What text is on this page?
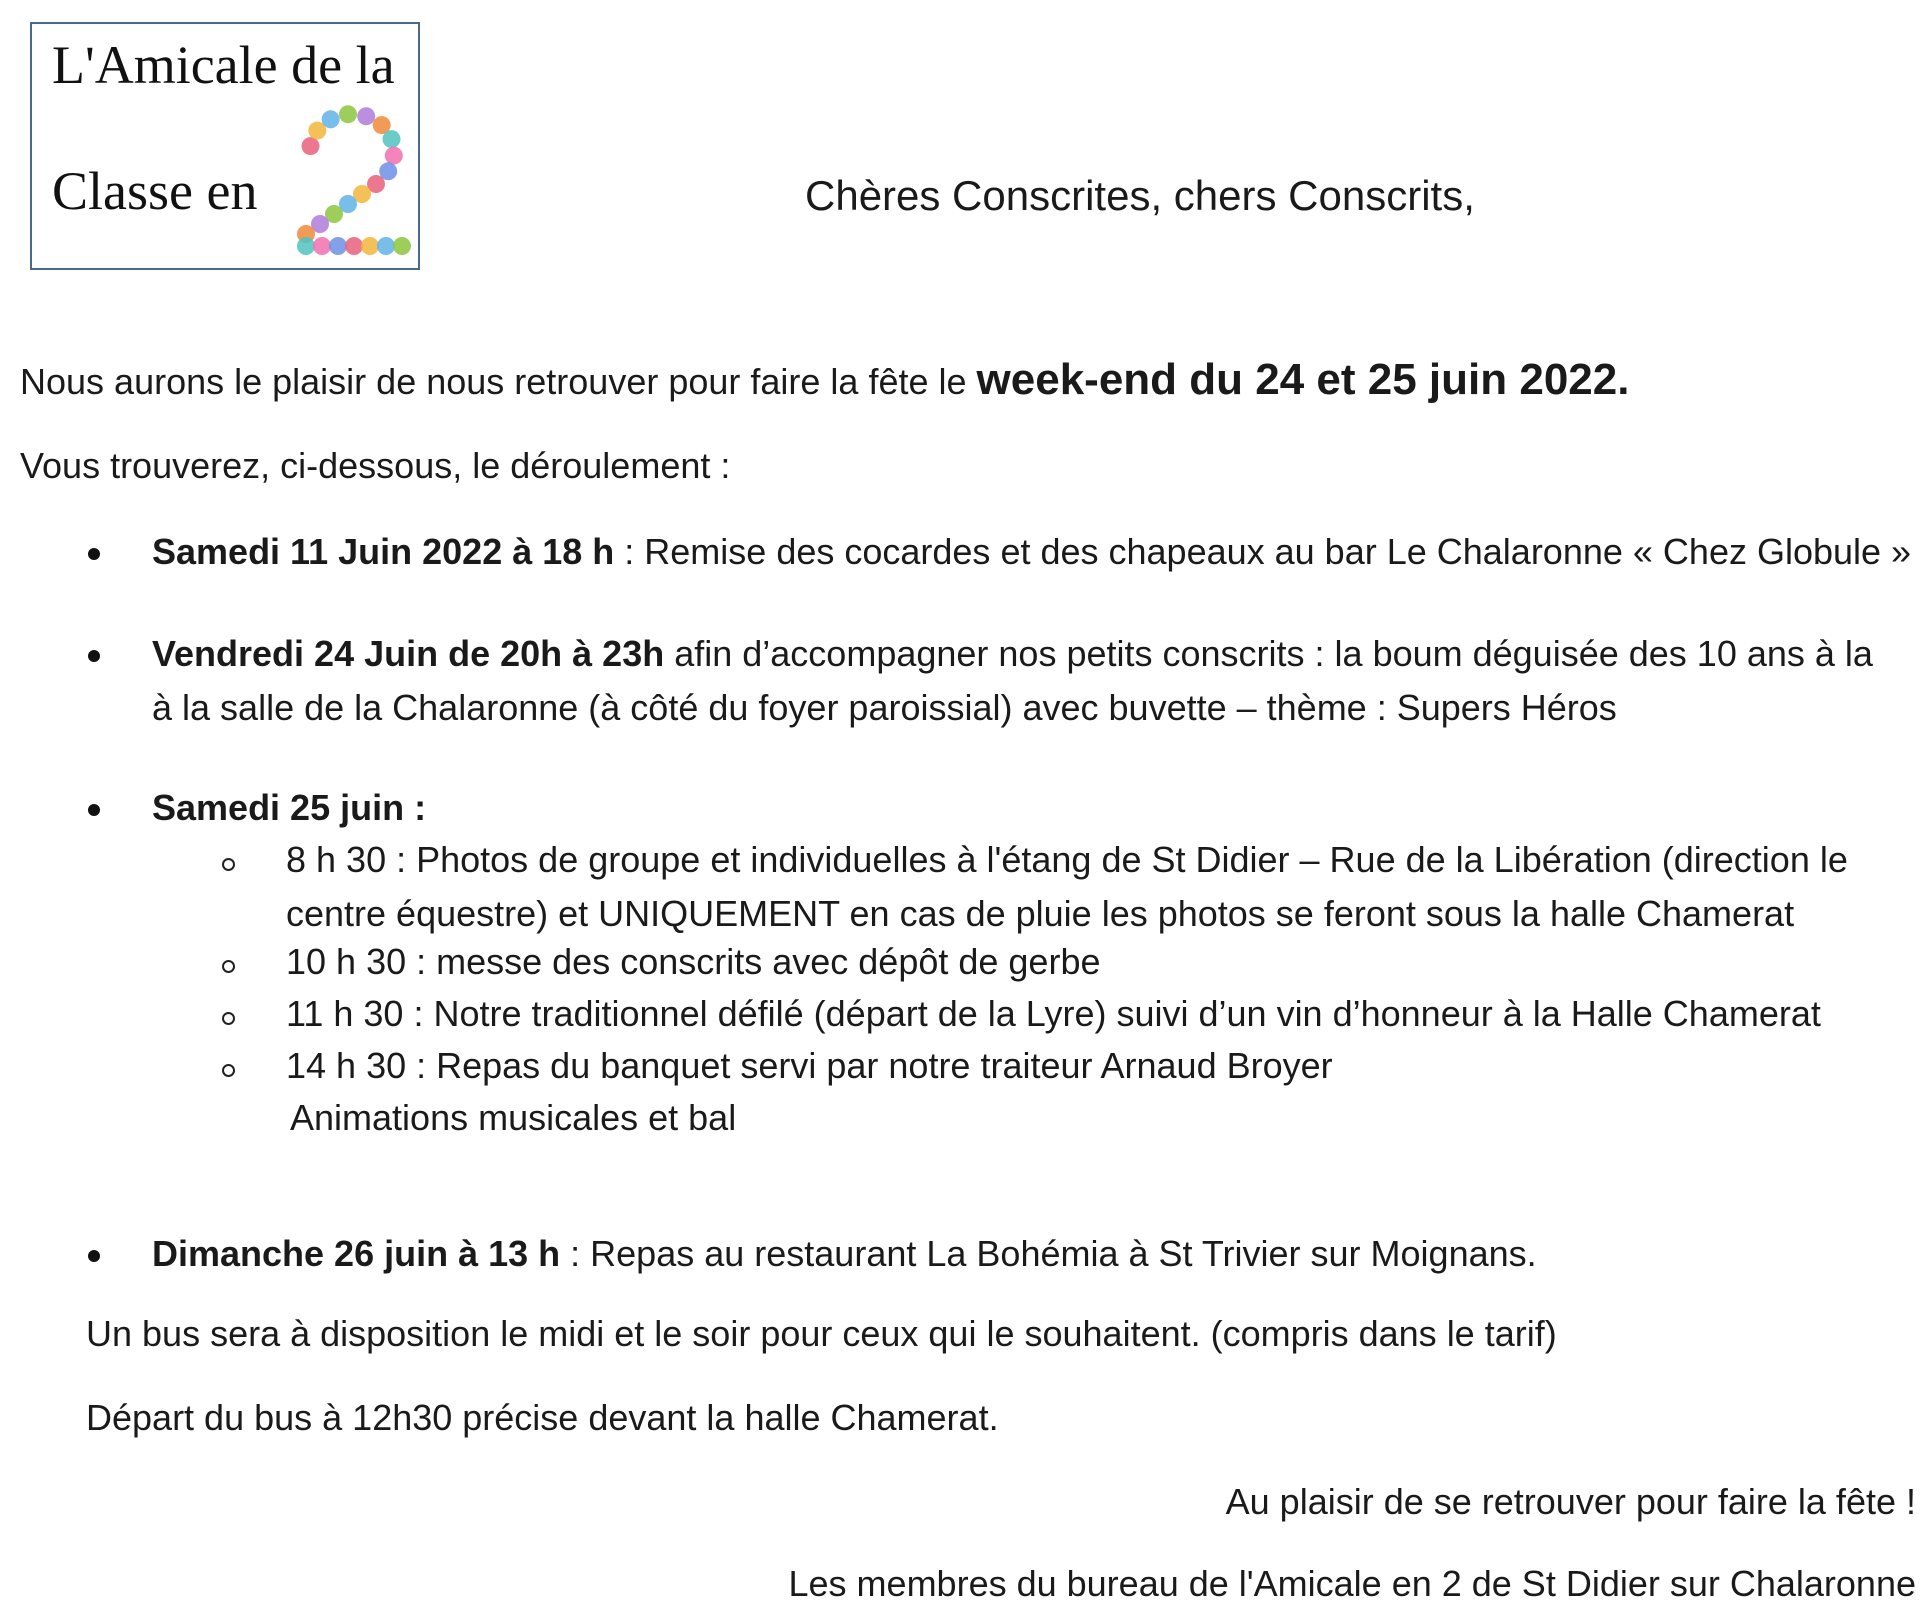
L'Amicale de la
Classe en	Chères Conscrites, chers Conscrits,
Nous aurons le plaisir de nous retrouver pour faire la fête le week-end du 24 et 25 juin 2022.
Vous trouverez, ci-dessous, le déroulement :
Samedi 11 Juin 2022 à 18 h : Remise des cocardes et des chapeaux au bar Le Chalaronne « Chez Globule »
Vendredi 24 Juin de 20h à 23h afin d’accompagner nos petits conscrits : la boum déguisée des 10 ans à la
à la salle de la Chalaronne (à côté du foyer paroissial) avec buvette – thème : Supers Héros
Samedi 25 juin :
8 h 30 : Photos de groupe et individuelles à l'étang de St Didier – Rue de la Libération (direction le
centre équestre) et UNIQUEMENT en cas de pluie les photos se feront sous la halle Chamerat
10 h 30 : messe des conscrits avec dépôt de gerbe
11 h 30 : Notre traditionnel défilé (départ de la Lyre) suivi d’un vin d’honneur à la Halle Chamerat
14 h 30 : Repas du banquet servi par notre traiteur Arnaud Broyer
Animations musicales et bal
Dimanche 26 juin à 13 h : Repas au restaurant La Bohémia à St Trivier sur Moignans.
Un bus sera à disposition le midi et le soir pour ceux qui le souhaitent. (compris dans le tarif)
Départ du bus à 12h30 précise devant la halle Chamerat.
Au plaisir de se retrouver pour faire la fête !
Les membres du bureau de l'Amicale en 2 de St Didier sur Chalaronne
